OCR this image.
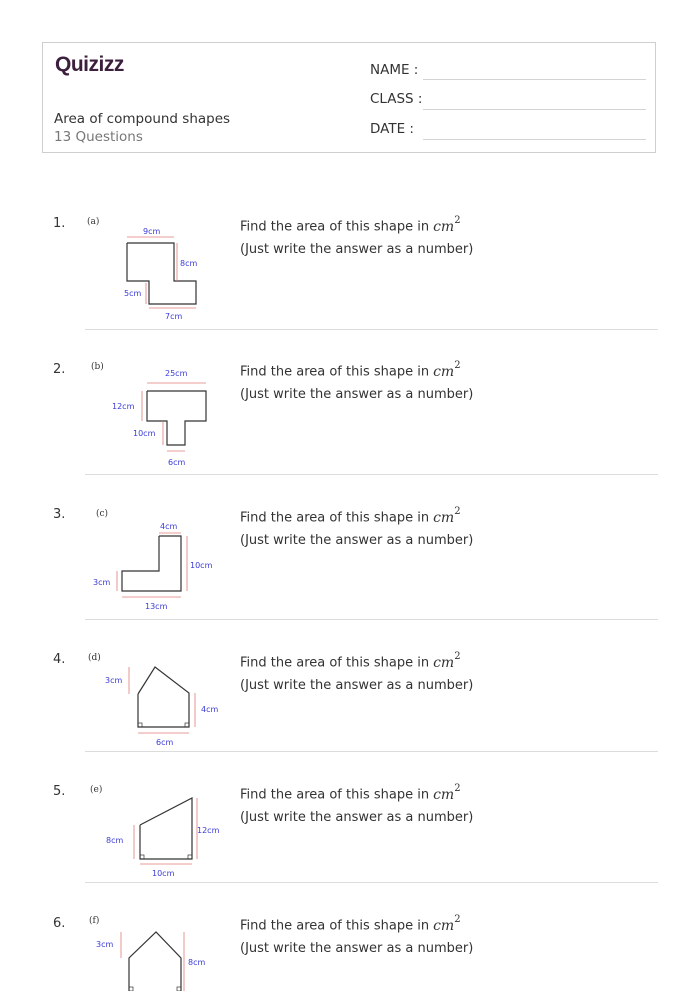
Quizizz
Area of compound shapes
13 Questions
NAME :
CLASS :
DATE :
1. (a)
9cm
8cm
5cm
7cm
Find the area of this shape in $cm^2$
(Just write the answer as a number)
2.	(b)
25cm
12cm
10cm
6cm
Find the area of this shape in $cm^2$
(Just write the answer as a number)
3.	(c)
4cm
10cm
3cm
13cm
Find the area of this shape in $cm^2$
(Just write the answer as a number)
4.	(d)
3cm
4cm
6cm
Find the area of this shape in $cm^2$
(Just write the answer as a number)
5.	(e)
8cm
12cm
10cm
Find the area of this shape in $cm^2$
(Just write the answer as a number)
6.	(f)
3cm
8cm
Find the area of this shape in $cm^2$
(Just write the answer as a number)
